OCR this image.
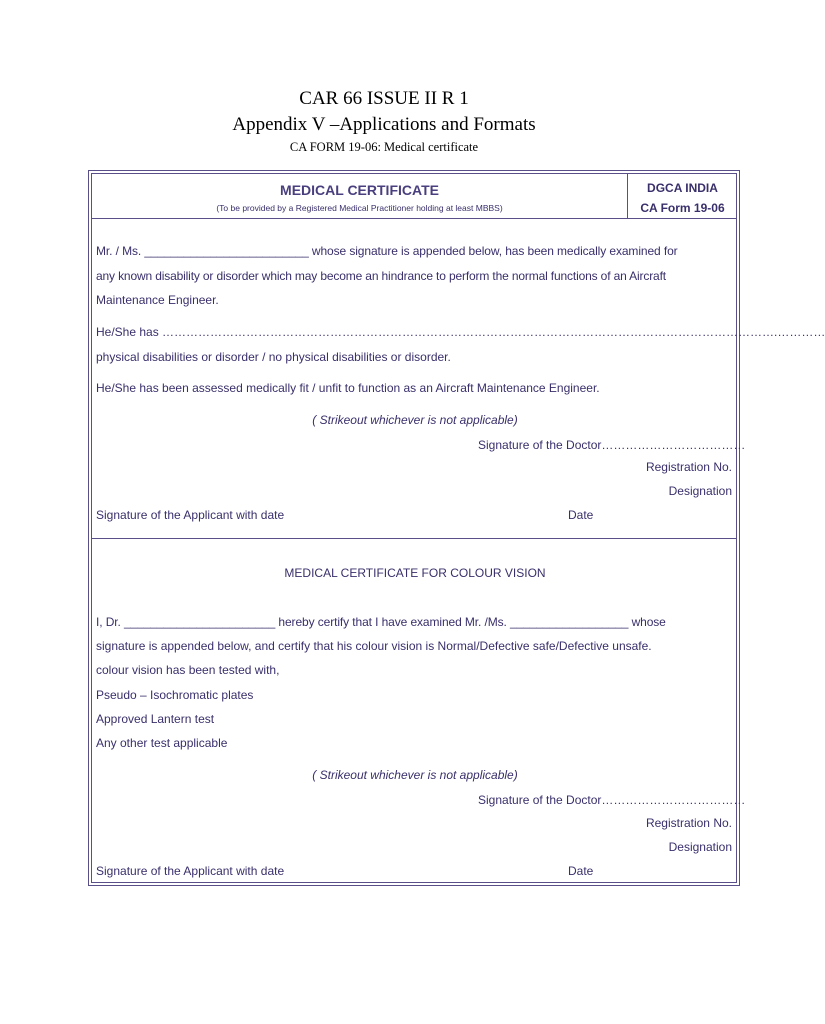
CAR 66 ISSUE II R 1
Appendix V –Applications and Formats
CA FORM 19-06: Medical certificate
MEDICAL CERTIFICATE
(To be provided by a Registered Medical Practitioner holding at least MBBS)
DGCA INDIA
CA Form 19-06
Mr. / Ms. _________________________ whose signature is appended below, has been medically examined for
any known disability or disorder which may become an hindrance to perform the normal functions of an Aircraft
Maintenance Engineer.
He/She has ……………………………………………………………………………………………………………………………………….…………
physical disabilities or disorder / no physical disabilities or disorder.
He/She has been assessed medically fit / unfit to function as an Aircraft Maintenance Engineer.
( Strikeout whichever is not applicable)
Signature of the Doctor………………………………
Registration No.
Designation
Signature of the Applicant with date	Date
MEDICAL CERTIFICATE FOR COLOUR VISION
I, Dr. _______________________ hereby certify that I have examined Mr. /Ms. __________________ whose
signature is appended below, and certify that his colour vision is Normal/Defective safe/Defective unsafe.
colour vision has been tested with,
Pseudo – Isochromatic plates
Approved Lantern test
Any other test applicable
( Strikeout whichever is not applicable)
Signature of the Doctor………………………………
Registration No.
Designation
Signature of the Applicant with date	Date
